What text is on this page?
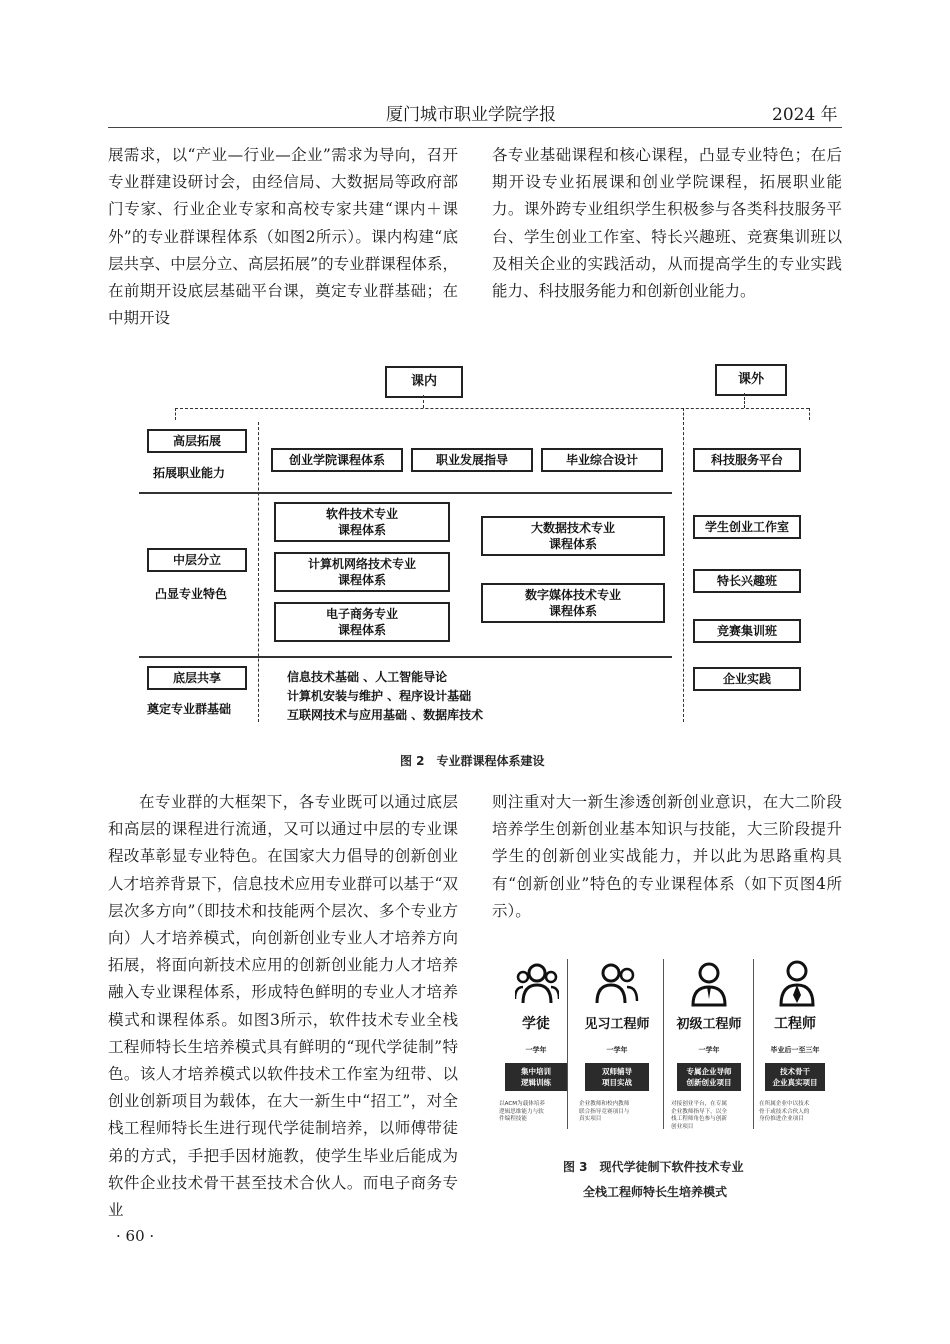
厦门城市职业学院学报	2024 年

展需求，以“产业—行业—企业”需求为导向，召开专业群建设研讨会，由经信局、大数据局等政府部门专家、行业企业专家和高校专家共建“课内＋课外”的专业群课程体系（如图2所示）。课内构建“底层共享、中层分立、高层拓展”的专业群课程体系，在前期开设底层基础平台课，奠定专业群基础；在中期开设

各专业基础课程和核心课程，凸显专业特色；在后期开设专业拓展课和创业学院课程，拓展职业能力。课外跨专业组织学生积极参与各类科技服务平台、学生创业工作室、特长兴趣班、竞赛集训班以及相关企业的实践活动，从而提高学生的专业实践能力、科技服务能力和创新创业能力。

课内	课外
高层拓展
拓展职业能力
中层分立
凸显专业特色
底层共享
奠定专业群基础
创业学院课程体系	职业发展指导	毕业综合设计
软件技术专业
课程体系
计算机网络技术专业
课程体系
电子商务专业
课程体系
大数据技术专业
课程体系
数字媒体技术专业
课程体系
信息技术基础 、人工智能导论
计算机安装与维护 、程序设计基础
互联网技术与应用基础 、数据库技术
科技服务平台
学生创业工作室
特长兴趣班
竞赛集训班
企业实践
图 2　专业群课程体系建设

在专业群的大框架下，各专业既可以通过底层和高层的课程进行流通，又可以通过中层的专业课程改革彰显专业特色。在国家大力倡导的创新创业人才培养背景下，信息技术应用专业群可以基于“双层次多方向”（即技术和技能两个层次、多个专业方向）人才培养模式，向创新创业专业人才培养方向拓展，将面向新技术应用的创新创业能力人才培养融入专业课程体系，形成特色鲜明的专业人才培养模式和课程体系。如图3所示，软件技术专业全栈工程师特长生培养模式具有鲜明的“现代学徒制”特色。该人才培养模式以软件技术工作室为纽带、以创业创新项目为载体，在大一新生中“招工”，对全栈工程师特长生进行现代学徒制培养，以师傅带徒弟的方式，手把手因材施教，使学生毕业后能成为软件企业技术骨干甚至技术合伙人。而电子商务专业

则注重对大一新生渗透创新创业意识，在大二阶段培养学生创新创业基本知识与技能，大三阶段提升学生的创新创业实战能力，并以此为思路重构具有“创新创业”特色的专业课程体系（如下页图4所示）。

学徒
一学年
集中培训
逻辑训练
以ACM为载体培养
逻辑思维能力与软
件编程技能
见习工程师
一学年
双师辅导
项目实战
企业教师和校内教师
联合指导竞赛项目与
真实项目
初级工程师
一学年
专属企业导师
创新创业项目
对接创业平台，在专属
企业教师指导下，以全
栈工程师角色参与创新
创业项目
工程师
毕业后一至三年
技术骨干
企业真实项目
在所属企业中以技术
骨干或技术合伙人的
身份推进企业项目
图 3　现代学徒制下软件技术专业
全栈工程师特长生培养模式
· 60 ·
